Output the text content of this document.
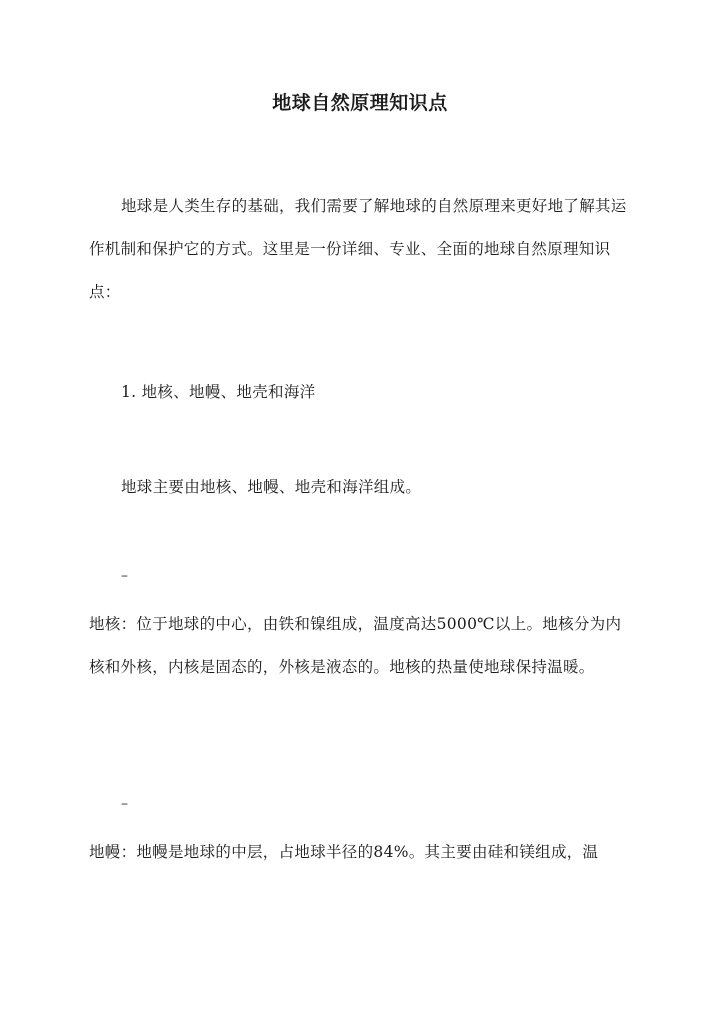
地球自然原理知识点
地球是人类生存的基础，我们需要了解地球的自然原理来更好地了解其运作机制和保护它的方式。这里是一份详细、专业、全面的地球自然原理知识点：
1. 地核、地幔、地壳和海洋
地球主要由地核、地幔、地壳和海洋组成。
–
地核：位于地球的中心，由铁和镍组成，温度高达5000℃以上。地核分为内核和外核，内核是固态的，外核是液态的。地核的热量使地球保持温暖。
–
地幔：地幔是地球的中层，占地球半径的84%。其主要由硅和镁组成，温
